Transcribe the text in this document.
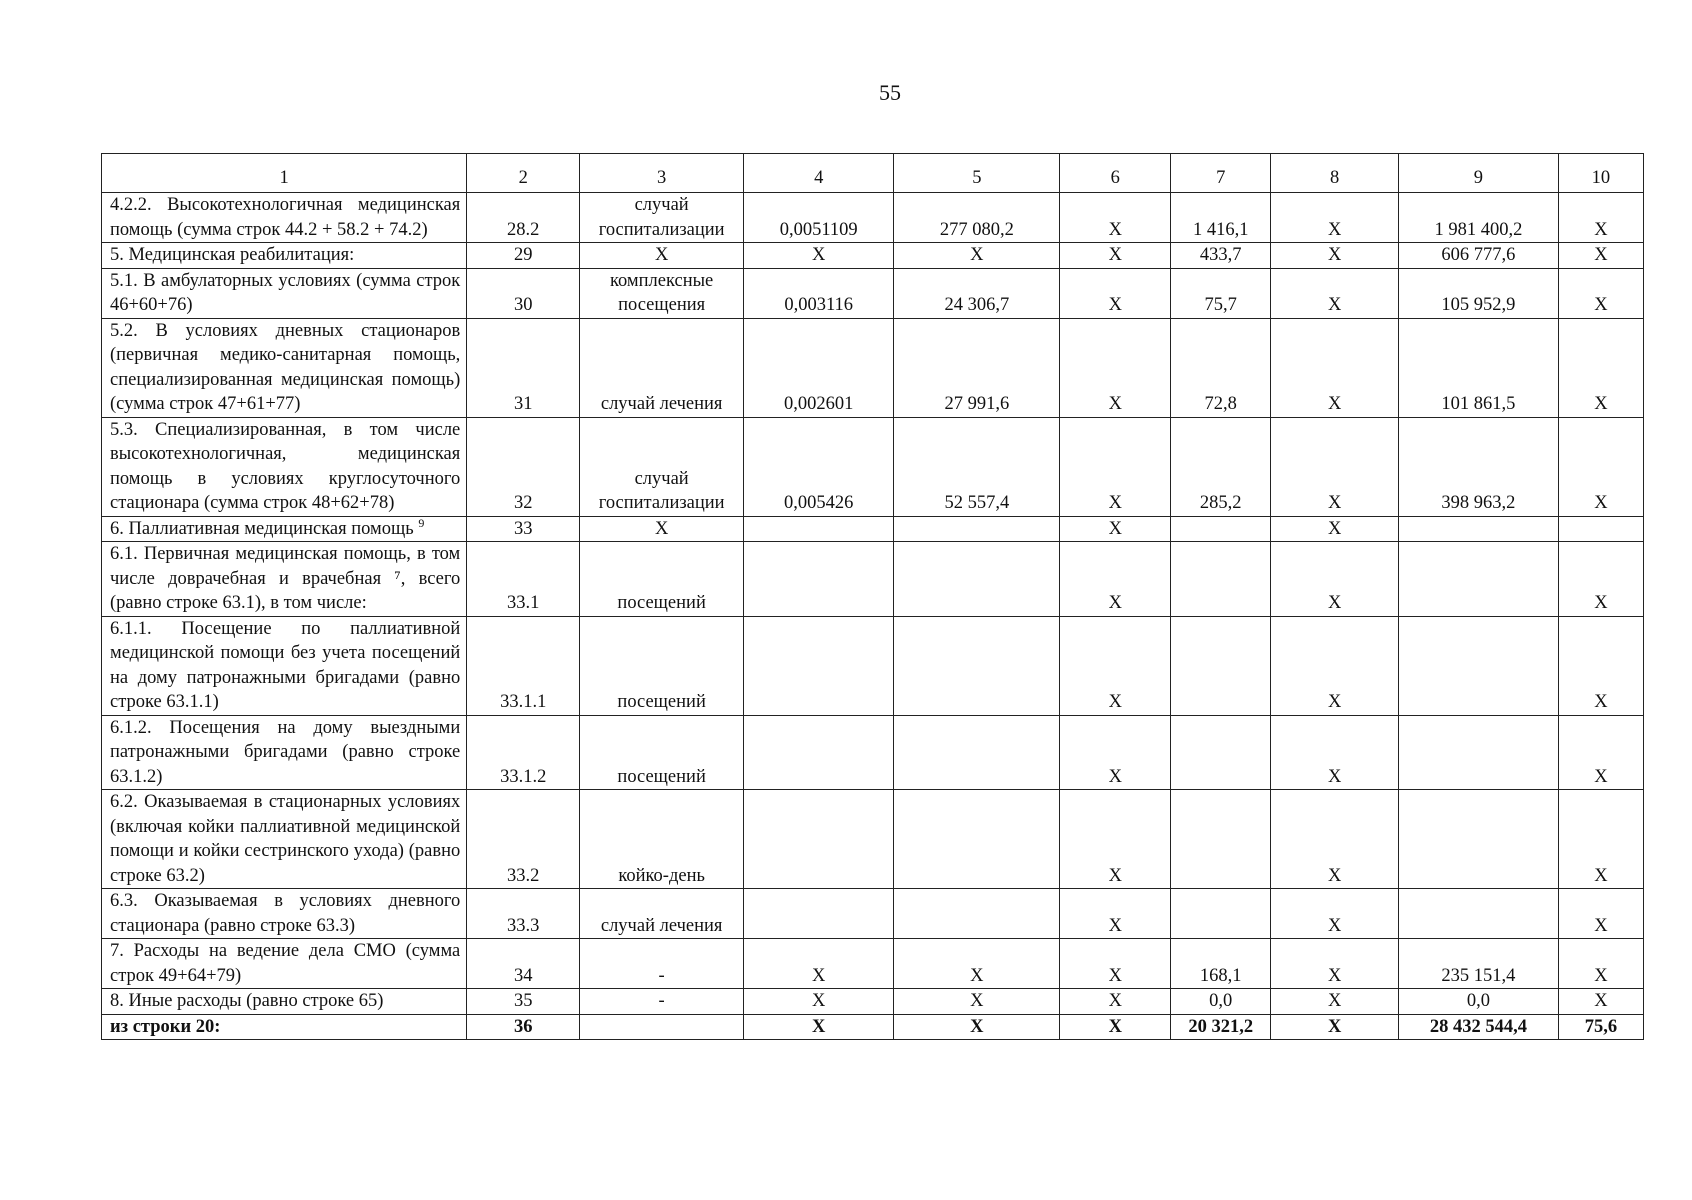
55
1	2	3	4	5	6	7	8	9	10
4.2.2. Высокотехнологичная медицинская помощь (сумма строк 44.2 + 58.2 + 74.2)	28.2	случай госпитализации	0,0051109	277 080,2	Х	1 416,1	Х	1 981 400,2	Х
5. Медицинская реабилитация:	29	Х	Х	Х	Х	433,7	Х	606 777,6	Х
5.1. В амбулаторных условиях (сумма строк 46+60+76)	30	комплексные посещения	0,003116	24 306,7	Х	75,7	Х	105 952,9	Х
5.2. В условиях дневных стационаров (первичная медико-санитарная помощь, специализированная медицинская помощь) (сумма строк 47+61+77)	31	случай лечения	0,002601	27 991,6	Х	72,8	Х	101 861,5	Х
5.3. Специализированная, в том числе высокотехнологичная, медицинская помощь в условиях круглосуточного стационара (сумма строк 48+62+78)	32	случай госпитализации	0,005426	52 557,4	Х	285,2	Х	398 963,2	Х
6. Паллиативная медицинская помощь $^9$	33	Х			Х		Х		
6.1. Первичная медицинская помощь, в том числе доврачебная и врачебная ⁷, всего (равно строке 63.1), в том числе:	33.1	посещений			Х		Х		Х
6.1.1. Посещение по паллиативной медицинской помощи без учета посещений на дому патронажными бригадами (равно строке 63.1.1)	33.1.1	посещений			Х		Х		Х
6.1.2. Посещения на дому выездными патронажными бригадами (равно строке 63.1.2)	33.1.2	посещений			Х		Х		Х
6.2. Оказываемая в стационарных условиях (включая койки паллиативной медицинской помощи и койки сестринского ухода) (равно строке 63.2)	33.2	койко-день			Х		Х		Х
6.3. Оказываемая в условиях дневного стационара (равно строке 63.3)	33.3	случай лечения			Х		Х		Х
7. Расходы на ведение дела СМО (сумма строк 49+64+79)	34	-	Х	Х	Х	168,1	Х	235 151,4	Х
8. Иные расходы (равно строке 65)	35	-	Х	Х	Х	0,0	Х	0,0	Х
из строки 20:	36		Х	Х	Х	20 321,2	Х	28 432 544,4	75,6
